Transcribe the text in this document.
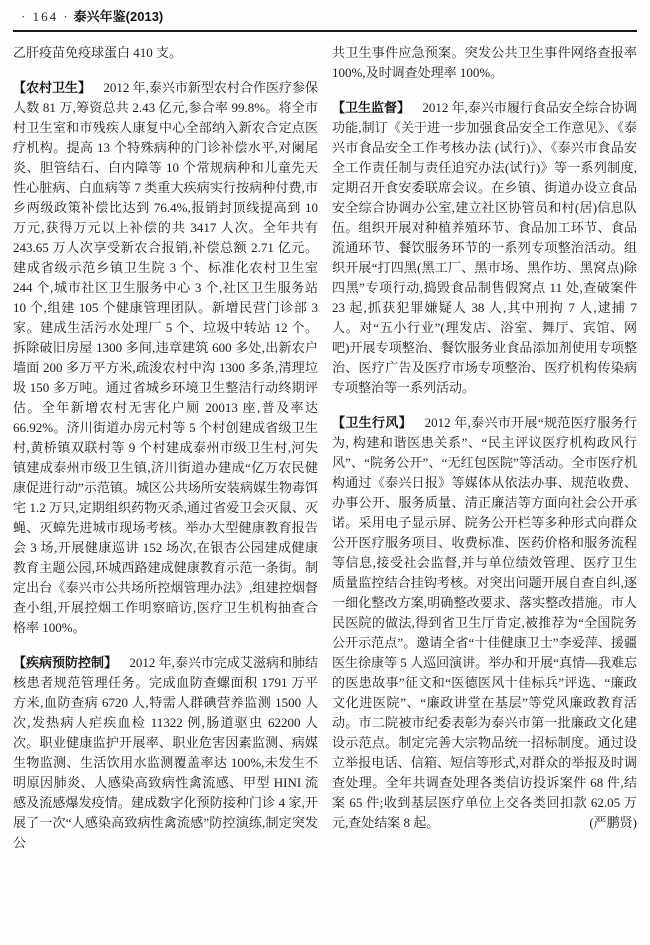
· 164 · 泰兴年鉴(2013)

乙肝疫苗免疫球蛋白 410 支。

【农村卫生】 2012 年,泰兴市新型农村合作医疗参保人数 81 万,筹资总共 2.43 亿元,参合率 99.8%。将全市村卫生室和市残疾人康复中心全部纳入新农合定点医疗机构。提高 13 个特殊病种的门诊补偿水平,对阑尾炎、胆管结石、白内障等 10 个常规病种和儿童先天性心脏病、白血病等 7 类重大疾病实行按病种付费,市乡两级政策补偿比达到 76.4%,报销封顶线提高到 10 万元,获得万元以上补偿的共 3417 人次。全年共有 243.65 万人次享受新农合报销,补偿总额 2.71 亿元。建成省级示范乡镇卫生院 3 个、标准化农村卫生室 244 个,城市社区卫生服务中心 3 个,社区卫生服务站 10 个,组建 105 个健康管理团队。新增民营门诊部 3 家。建成生活污水处理厂 5 个、垃圾中转站 12 个。拆除破旧房屋 1300 多间,违章建筑 600 多处,出新农户墙面 200 多万平方米,疏浚农村中沟 1300 多条,清理垃圾 150 多万吨。通过省城乡环境卫生整洁行动终期评估。全年新增农村无害化户厕 20013 座,普及率达 66.92%。济川街道办房元村等 5 个村创建成省级卫生村,黄桥镇双联村等 9 个村建成泰州市级卫生村,河失镇建成泰州市级卫生镇,济川街道办建成“亿万农民健康促进行动”示范镇。城区公共场所安装病媒生物毒饵宅 1.2 万只,定期组织药物灭杀,通过省爱卫会灭鼠、灭蝇、灭蟑先进城市现场考核。举办大型健康教育报告会 3 场,开展健康巡讲 152 场次,在银杏公园建成健康教育主题公园,环城西路建成健康教育示范一条街。制定出台《泰兴市公共场所控烟管理办法》,组建控烟督查小组,开展控烟工作明察暗访,医疗卫生机构抽查合格率 100%。

【疾病预防控制】 2012 年,泰兴市完成艾滋病和肺结核患者规范管理任务。完成血防查螺面积 1791 万平方米,血防查病 6720 人,特需人群碘营养监测 1500 人次,发热病人疟疾血检 11322 例,肠道驱虫 62200 人次。职业健康监护开展率、职业危害因素监测、病媒生物监测、生活饮用水监测覆盖率达 100%,未发生不明原因肺炎、人感染高致病性禽流感、甲型 HINI 流感及流感爆发疫情。建成数字化预防接种门诊 4 家,开展了一次“人感染高致病性禽流感”防控演练,制定突发公

共卫生事件应急预案。突发公共卫生事件网络查报率 100%,及时调查处理率 100%。

【卫生监督】 2012 年,泰兴市履行食品安全综合协调功能,制订《关于进一步加强食品安全工作意见》、《泰兴市食品安全工作考核办法 (试行)》、《泰兴市食品安全工作责任制与责任追究办法(试行)》等一系列制度,定期召开食安委联席会议。在乡镇、街道办设立食品安全综合协调办公室,建立社区协管员和村(居)信息队伍。组织开展对种植养殖环节、食品加工环节、食品流通环节、餐饮服务环节的一系列专项整治活动。组织开展“打四黑(黑工厂、黑市场、黑作坊、黑窝点)除四黑”专项行动,捣毁食品制售假窝点 11 处,查破案件 23 起,抓获犯罪嫌疑人 38 人,其中刑拘 7 人,逮捕 7 人。对“五小行业”(理发店、浴室、舞厅、宾馆、网吧)开展专项整治、餐饮服务业食品添加剂使用专项整治、医疗广告及医疗市场专项整治、医疗机构传染病专项整治等一系列活动。

【卫生行风】 2012 年,泰兴市开展“规范医疗服务行为, 构建和谐医患关系”、“民主评议医疗机构政风行风”、“院务公开”、“无红包医院”等活动。全市医疗机构通过《泰兴日报》等媒体从依法办事、规范收费、办事公开、服务质量、清正廉洁等方面向社会公开承诺。采用电子显示屏、院务公开栏等多种形式向群众公开医疗服务项目、收费标准、医药价格和服务流程等信息,接受社会监督,并与单位绩效管理、医疗卫生质量监控结合挂钩考核。对突出问题开展自查自纠,逐一细化整改方案,明确整改要求、落实整改措施。市人民医院的做法,得到省卫生厅肯定,被推荐为“全国院务公开示范点”。邀请全省“十佳健康卫士”李爱萍、援疆医生徐康等 5 人巡回演讲。举办和开展“真情—我难忘的医患故事”征文和“医德医风十佳标兵”评选、“廉政文化进医院”、“廉政讲堂在基层”等党风廉政教育活动。市二院被市纪委表彰为泰兴市第一批廉政文化建设示范点。制定完善大宗物品统一招标制度。通过设立举报电话、信箱、短信等形式,对群众的举报及时调查处理。全年共调查处理各类信访投诉案件 68 件,结案 65 件;收到基层医疗单位上交各类回扣款 62.05 万元,查处结案 8 起。	(严鹏贤)
